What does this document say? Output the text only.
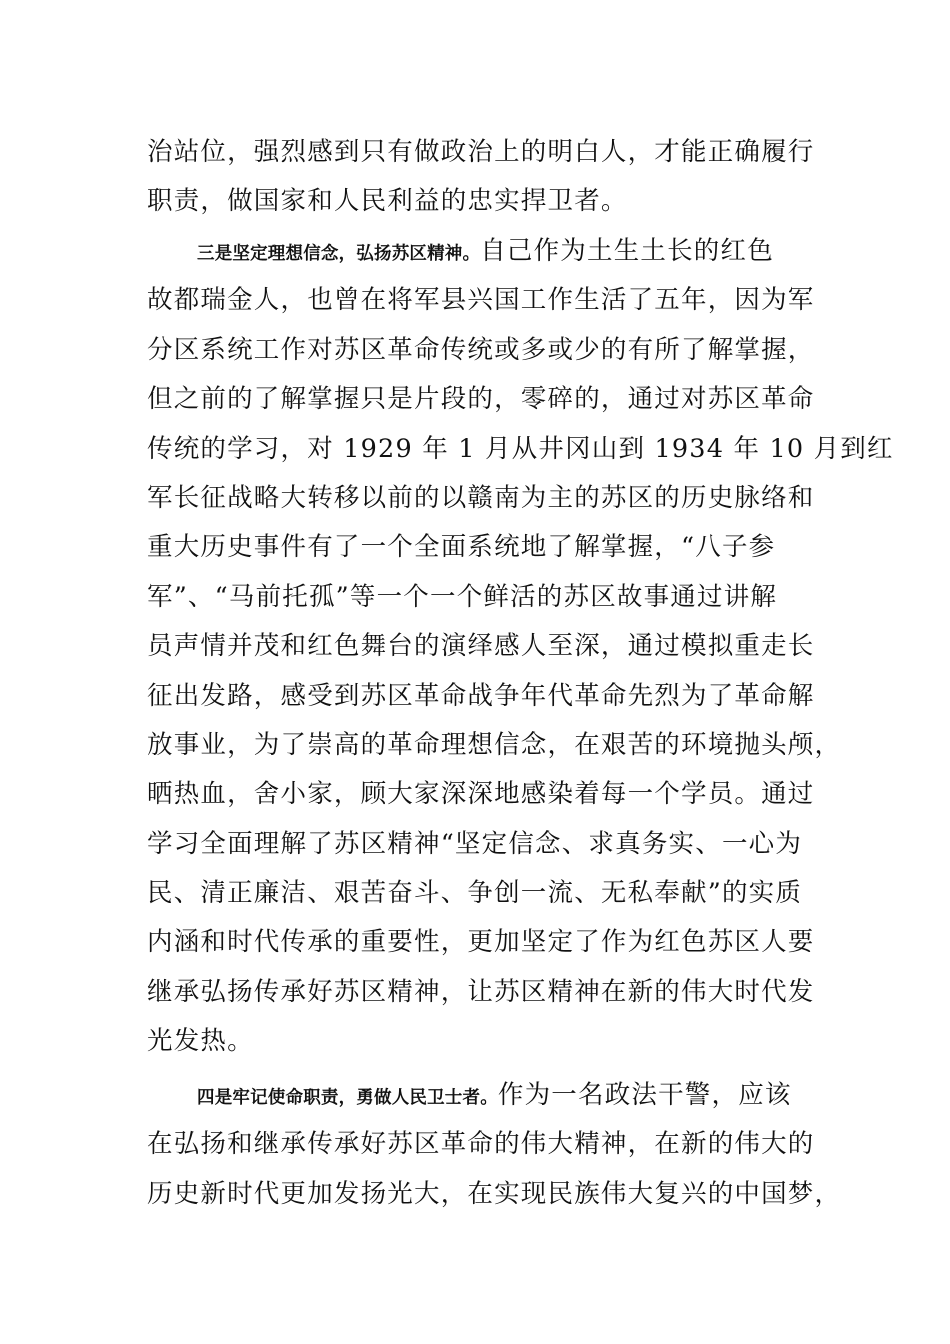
治站位，强烈感到只有做政治上的明白人，才能正确履行
职责，做国家和人民利益的忠实捍卫者。
三是坚定理想信念，弘扬苏区精神。自己作为土生土长的红色
故都瑞金人，也曾在将军县兴国工作生活了五年，因为军
分区系统工作对苏区革命传统或多或少的有所了解掌握，
但之前的了解掌握只是片段的，零碎的，通过对苏区革命
传统的学习，对 1929 年 1 月从井冈山到 1934 年 10 月到红
军长征战略大转移以前的以赣南为主的苏区的历史脉络和
重大历史事件有了一个全面系统地了解掌握，“八子参
军”、“马前托孤”等一个一个鲜活的苏区故事通过讲解
员声情并茂和红色舞台的演绎感人至深，通过模拟重走长
征出发路，感受到苏区革命战争年代革命先烈为了革命解
放事业，为了崇高的革命理想信念，在艰苦的环境抛头颅，
晒热血，舍小家，顾大家深深地感染着每一个学员。通过
学习全面理解了苏区精神“坚定信念、求真务实、一心为
民、清正廉洁、艰苦奋斗、争创一流、无私奉献”的实质
内涵和时代传承的重要性，更加坚定了作为红色苏区人要
继承弘扬传承好苏区精神，让苏区精神在新的伟大时代发
光发热。
四是牢记使命职责，勇做人民卫士者。作为一名政法干警，应该
在弘扬和继承传承好苏区革命的伟大精神，在新的伟大的
历史新时代更加发扬光大，在实现民族伟大复兴的中国梦，
